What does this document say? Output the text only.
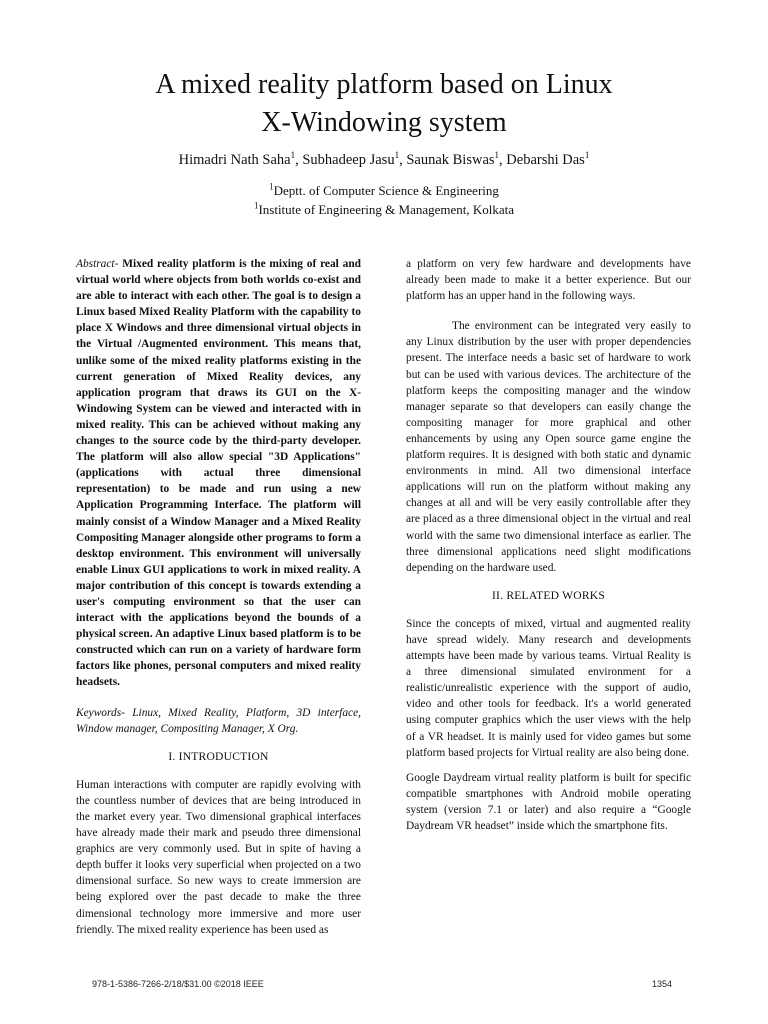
A mixed reality platform based on Linux
X-Windowing system
Himadri Nath Saha$^1$, Subhadeep Jasu$^1$, Saunak Biswas$^1$, Debarshi Das$^1$
$^1$Deptt. of Computer Science & Engineering
$^1$Institute of Engineering & Management, Kolkata

Abstract- Mixed reality platform is the mixing of real and virtual world where objects from both worlds co-exist and are able to interact with each other. The goal is to design a Linux based Mixed Reality Platform with the capability to place X Windows and three dimensional virtual objects in the Virtual /Augmented environment. This means that, unlike some of the mixed reality platforms existing in the current generation of Mixed Reality devices, any application program that draws its GUI on the X-Windowing System can be viewed and interacted with in mixed reality. This can be achieved without making any changes to the source code by the third-party developer. The platform will also allow special "3D Applications" (applications with actual three dimensional representation) to be made and run using a new Application Programming Interface. The platform will mainly consist of a Window Manager and a Mixed Reality Compositing Manager alongside other programs to form a desktop environment. This environment will universally enable Linux GUI applications to work in mixed reality. A major contribution of this concept is towards extending a user's computing environment so that the user can interact with the applications beyond the bounds of a physical screen. An adaptive Linux based platform is to be constructed which can run on a variety of hardware form factors like phones, personal computers and mixed reality headsets.

Keywords- Linux, Mixed Reality, Platform, 3D interface, Window manager, Compositing Manager, X Org.

I. INTRODUCTION

Human interactions with computer are rapidly evolving with the countless number of devices that are being introduced in the market every year. Two dimensional graphical interfaces have already made their mark and pseudo three dimensional graphics are very commonly used. But in spite of having a depth buffer it looks very superficial when projected on a two dimensional surface. So new ways to create immersion are being explored over the past decade to make the three dimensional technology more immersive and more user friendly. The mixed reality experience has been used as

a platform on very few hardware and developments have already been made to make it a better experience. But our platform has an upper hand in the following ways.

The environment can be integrated very easily to any Linux distribution by the user with proper dependencies present. The interface needs a basic set of hardware to work but can be used with various devices. The architecture of the platform keeps the compositing manager and the window manager separate so that developers can easily change the compositing manager for more graphical and other enhancements by using any Open source game engine the platform requires. It is designed with both static and dynamic environments in mind. All two dimensional interface applications will run on the platform without making any changes at all and will be very easily controllable after they are placed as a three dimensional object in the virtual and real world with the same two dimensional interface as earlier. The three dimensional applications need slight modifications depending on the hardware used.

II. RELATED WORKS

Since the concepts of mixed, virtual and augmented reality have spread widely. Many research and developments attempts have been made by various teams. Virtual Reality is a three dimensional simulated environment for a realistic/unrealistic experience with the support of audio, video and other tools for feedback. It's a world generated using computer graphics which the user views with the help of a VR headset. It is mainly used for video games but some platform based projects for Virtual reality are also being done.

Google Daydream virtual reality platform is built for specific compatible smartphones with Android mobile operating system (version 7.1 or later) and also require a “Google Daydream VR headset” inside which the smartphone fits.

978-1-5386-7266-2/18/$31.00 ©2018 IEEE	1354
